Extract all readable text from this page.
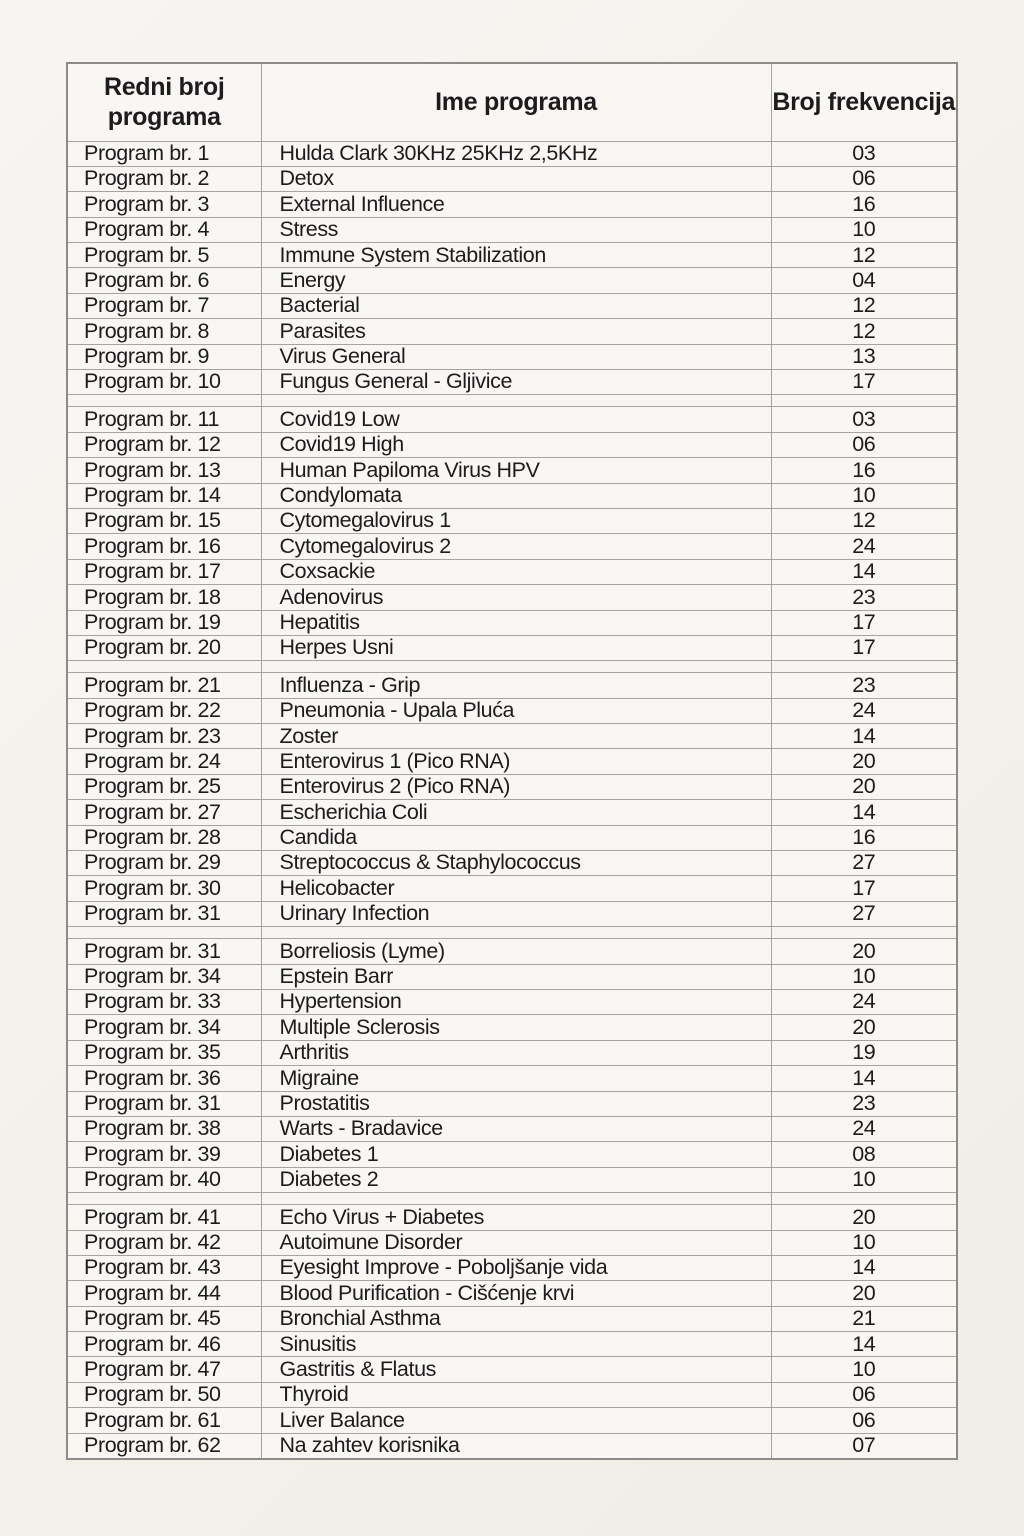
Redni broj programa	Ime programa	Broj frekvencija
Program br. 1	Hulda Clark 30KHz 25KHz 2,5KHz	03
Program br. 2	Detox	06
Program br. 3	External Influence	16
Program br. 4	Stress	10
Program br. 5	Immune System Stabilization	12
Program br. 6	Energy	04
Program br. 7	Bacterial	12
Program br. 8	Parasites	12
Program br. 9	Virus General	13
Program br. 10	Fungus General - Gljivice	17

Program br. 11	Covid19 Low	03
Program br. 12	Covid19 High	06
Program br. 13	Human Papiloma Virus HPV	16
Program br. 14	Condylomata	10
Program br. 15	Cytomegalovirus 1	12
Program br. 16	Cytomegalovirus 2	24
Program br. 17	Coxsackie	14
Program br. 18	Adenovirus	23
Program br. 19	Hepatitis	17
Program br. 20	Herpes Usni	17

Program br. 21	Influenza - Grip	23
Program br. 22	Pneumonia - Upala Pluća	24
Program br. 23	Zoster	14
Program br. 24	Enterovirus 1 (Pico RNA)	20
Program br. 25	Enterovirus 2 (Pico RNA)	20
Program br. 27	Escherichia Coli	14
Program br. 28	Candida	16
Program br. 29	Streptococcus & Staphylococcus	27
Program br. 30	Helicobacter	17
Program br. 31	Urinary Infection	27

Program br. 31	Borreliosis (Lyme)	20
Program br. 34	Epstein Barr	10
Program br. 33	Hypertension	24
Program br. 34	Multiple Sclerosis	20
Program br. 35	Arthritis	19
Program br. 36	Migraine	14
Program br. 31	Prostatitis	23
Program br. 38	Warts - Bradavice	24
Program br. 39	Diabetes 1	08
Program br. 40	Diabetes 2	10

Program br. 41	Echo Virus + Diabetes	20
Program br. 42	Autoimune Disorder	10
Program br. 43	Eyesight Improve - Poboljšanje vida	14
Program br. 44	Blood Purification - Cišćenje krvi	20
Program br. 45	Bronchial Asthma	21
Program br. 46	Sinusitis	14
Program br. 47	Gastritis & Flatus	10
Program br. 50	Thyroid	06
Program br. 61	Liver Balance	06
Program br. 62	Na zahtev korisnika	07
